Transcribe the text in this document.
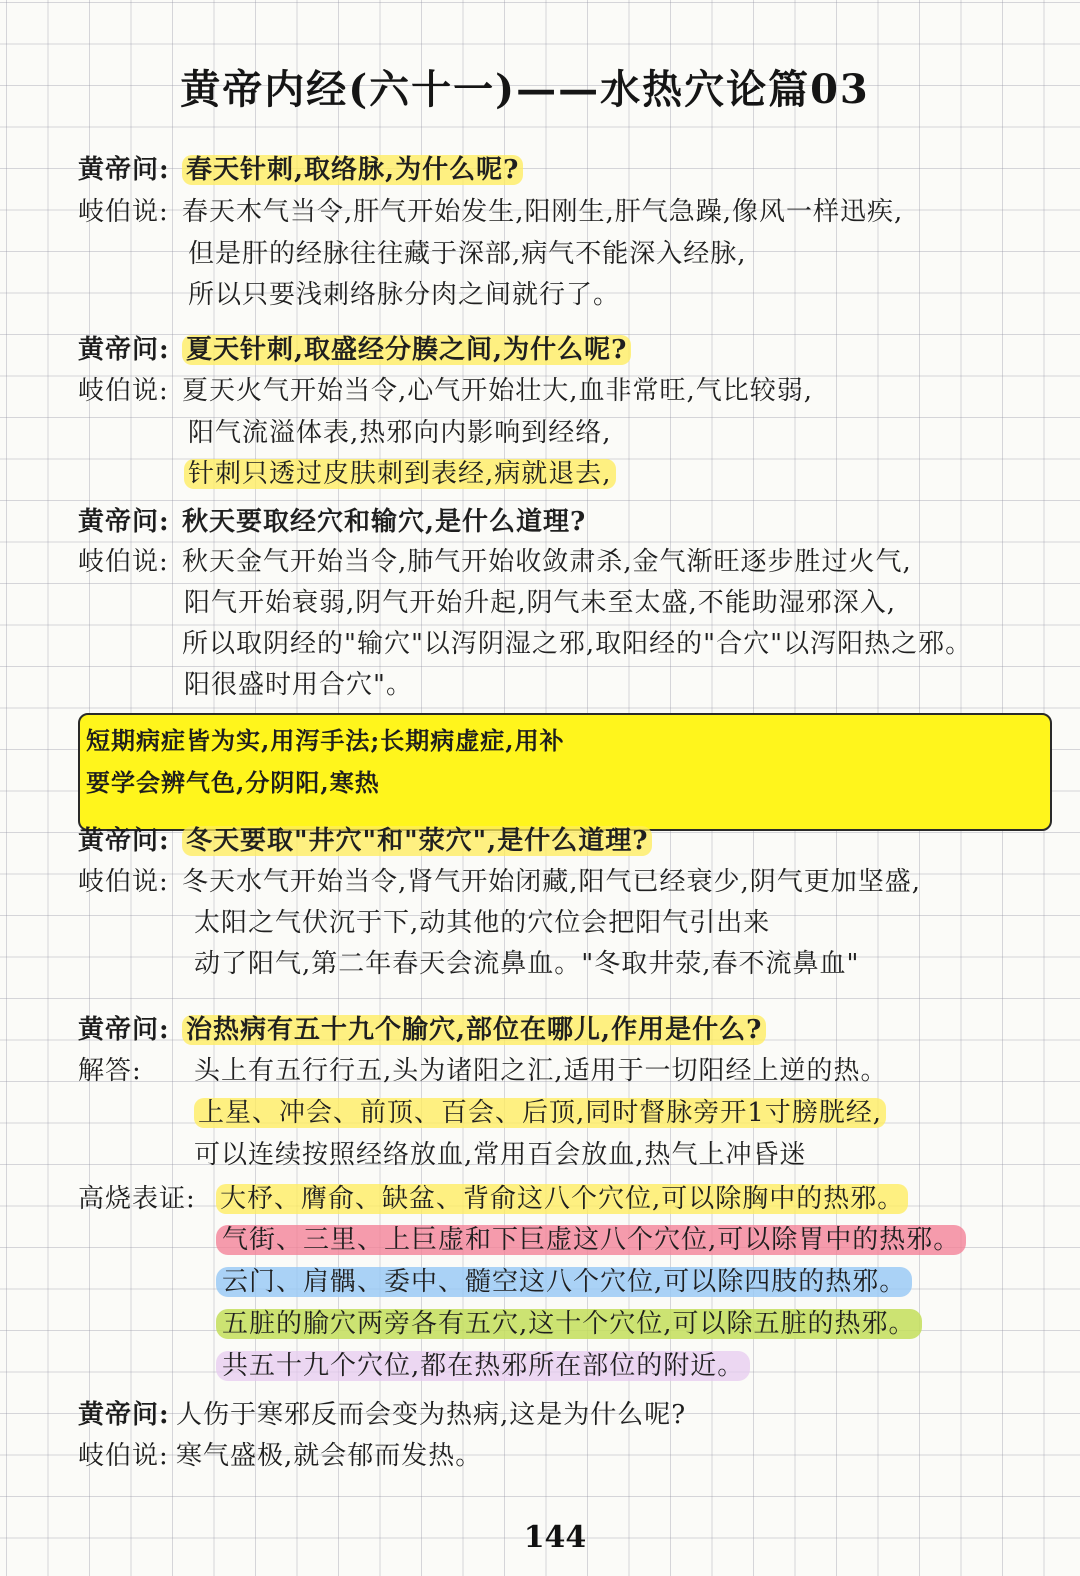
黄帝内经(六十一)——水热穴论篇03
黄帝问: 春天针刺,取络脉,为什么呢?
岐伯说: 春天木气当令,肝气开始发生,阳刚生,肝气急躁,像风一样迅疾,
但是肝的经脉往往藏于深部,病气不能深入经脉,
所以只要浅刺络脉分肉之间就行了。
黄帝问: 夏天针刺,取盛经分腠之间,为什么呢?
岐伯说: 夏天火气开始当令,心气开始壮大,血非常旺,气比较弱,
阳气流溢体表,热邪向内影响到经络,
针刺只透过皮肤刺到表经,病就退去,
黄帝问: 秋天要取经穴和输穴,是什么道理?
岐伯说: 秋天金气开始当令,肺气开始收敛肃杀,金气渐旺逐步胜过火气,
阳气开始衰弱,阴气开始升起,阴气未至太盛,不能助湿邪深入,
所以取阴经的"输穴"以泻阴湿之邪,取阳经的"合穴"以泻阳热之邪。
阳很盛时用合穴"。
短期病症皆为实,用泻手法;长期病虚症,用补
要学会辨气色,分阴阳,寒热
黄帝问: 冬天要取"井穴"和"荥穴",是什么道理?
岐伯说: 冬天水气开始当令,肾气开始闭藏,阳气已经衰少,阴气更加坚盛,
太阳之气伏沉于下,动其他的穴位会把阳气引出来
动了阳气,第二年春天会流鼻血。"冬取井荥,春不流鼻血"
黄帝问: 治热病有五十九个腧穴,部位在哪儿,作用是什么?
解答: 头上有五行行五,头为诸阳之汇,适用于一切阳经上逆的热。
上星、冲会、前顶、百会、后顶,同时督脉旁开1寸膀胱经,
可以连续按照经络放血,常用百会放血,热气上冲昏迷
高烧表证: 大杼、膺俞、缺盆、背俞这八个穴位,可以除胸中的热邪。
气街、三里、上巨虚和下巨虚这八个穴位,可以除胃中的热邪。
云门、肩髃、委中、髓空这八个穴位,可以除四肢的热邪。
五脏的腧穴两旁各有五穴,这十个穴位,可以除五脏的热邪。
共五十九个穴位,都在热邪所在部位的附近。
黄帝问: 人伤于寒邪反而会变为热病,这是为什么呢?
岐伯说: 寒气盛极,就会郁而发热。
144
